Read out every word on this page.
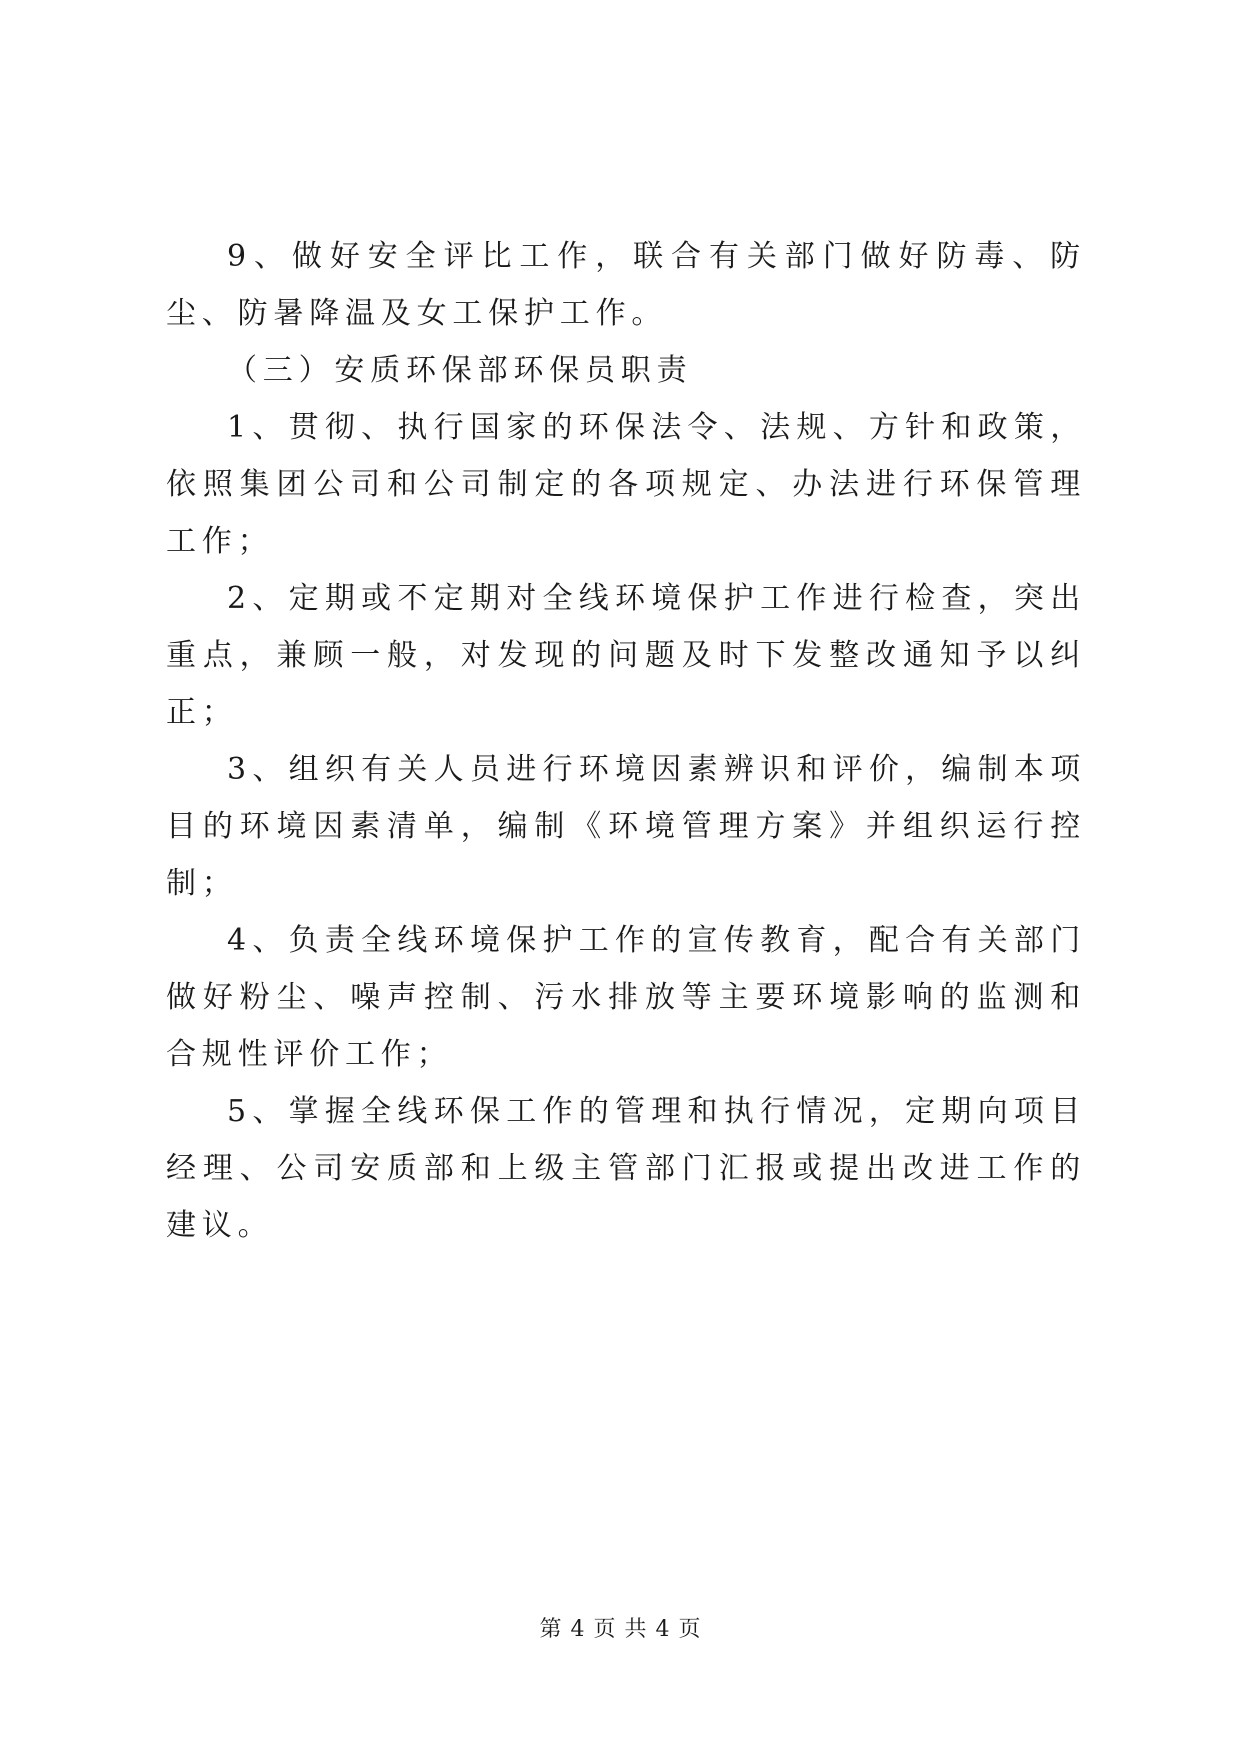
9、做好安全评比工作，联合有关部门做好防毒、防尘、防暑降温及女工保护工作。

（三）安质环保部环保员职责

1、贯彻、执行国家的环保法令、法规、方针和政策，依照集团公司和公司制定的各项规定、办法进行环保管理工作；

2、定期或不定期对全线环境保护工作进行检查，突出重点，兼顾一般，对发现的问题及时下发整改通知予以纠正；

3、组织有关人员进行环境因素辨识和评价，编制本项目的环境因素清单，编制《环境管理方案》并组织运行控制；

4、负责全线环境保护工作的宣传教育，配合有关部门做好粉尘、噪声控制、污水排放等主要环境影响的监测和合规性评价工作；

5、掌握全线环保工作的管理和执行情况，定期向项目经理、公司安质部和上级主管部门汇报或提出改进工作的建议。

第 4 页 共 4 页
